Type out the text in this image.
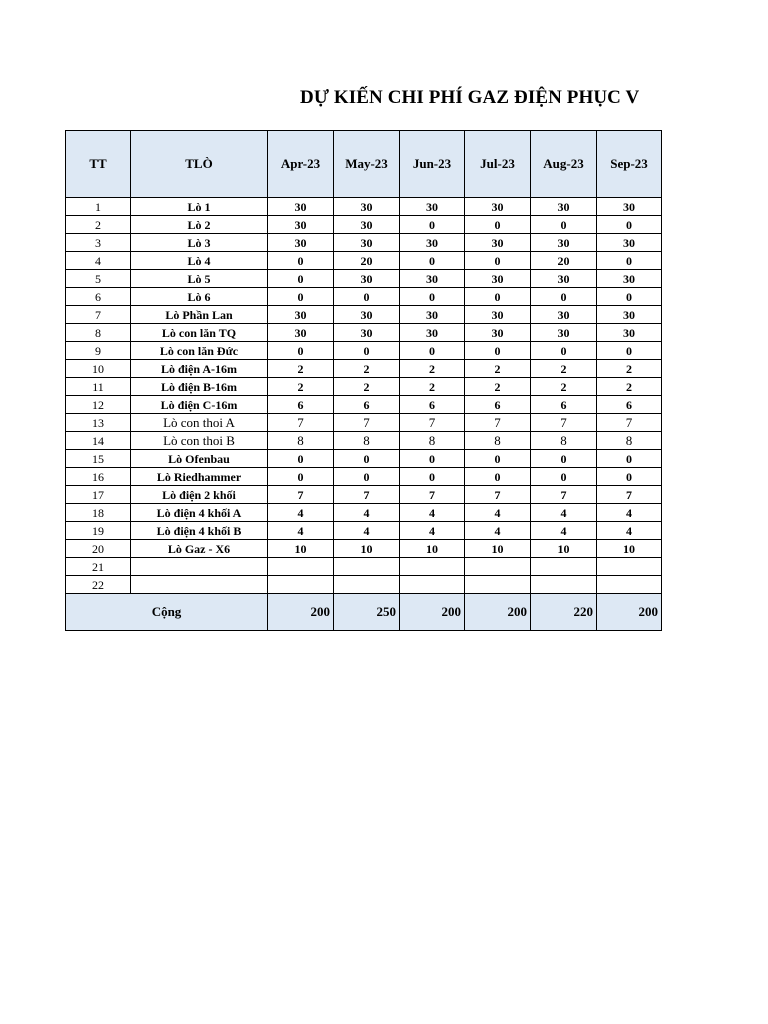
DỰ KIẾN CHI PHÍ GAZ ĐIỆN PHỤC V
TT	TLÒ	Apr-23	May-23	Jun-23	Jul-23	Aug-23	Sep-23
1	Lò 1	30	30	30	30	30	30
2	Lò 2	30	30	0	0	0	0
3	Lò 3	30	30	30	30	30	30
4	Lò 4	0	20	0	0	20	0
5	Lò 5	0	30	30	30	30	30
6	Lò 6	0	0	0	0	0	0
7	Lò Phần Lan	30	30	30	30	30	30
8	Lò con lăn TQ	30	30	30	30	30	30
9	Lò con lăn Đức	0	0	0	0	0	0
10	Lò điện A-16m	2	2	2	2	2	2
11	Lò điện B-16m	2	2	2	2	2	2
12	Lò điện C-16m	6	6	6	6	6	6
13	Lò con thoi A	7	7	7	7	7	7
14	Lò con thoi B	8	8	8	8	8	8
15	Lò Ofenbau	0	0	0	0	0	0
16	Lò Riedhammer	0	0	0	0	0	0
17	Lò điện 2 khối	7	7	7	7	7	7
18	Lò điện 4 khối A	4	4	4	4	4	4
19	Lò điện 4 khối B	4	4	4	4	4	4
20	Lò Gaz - X6	10	10	10	10	10	10
21							
22							
Cộng		200	250	200	200	220	200
